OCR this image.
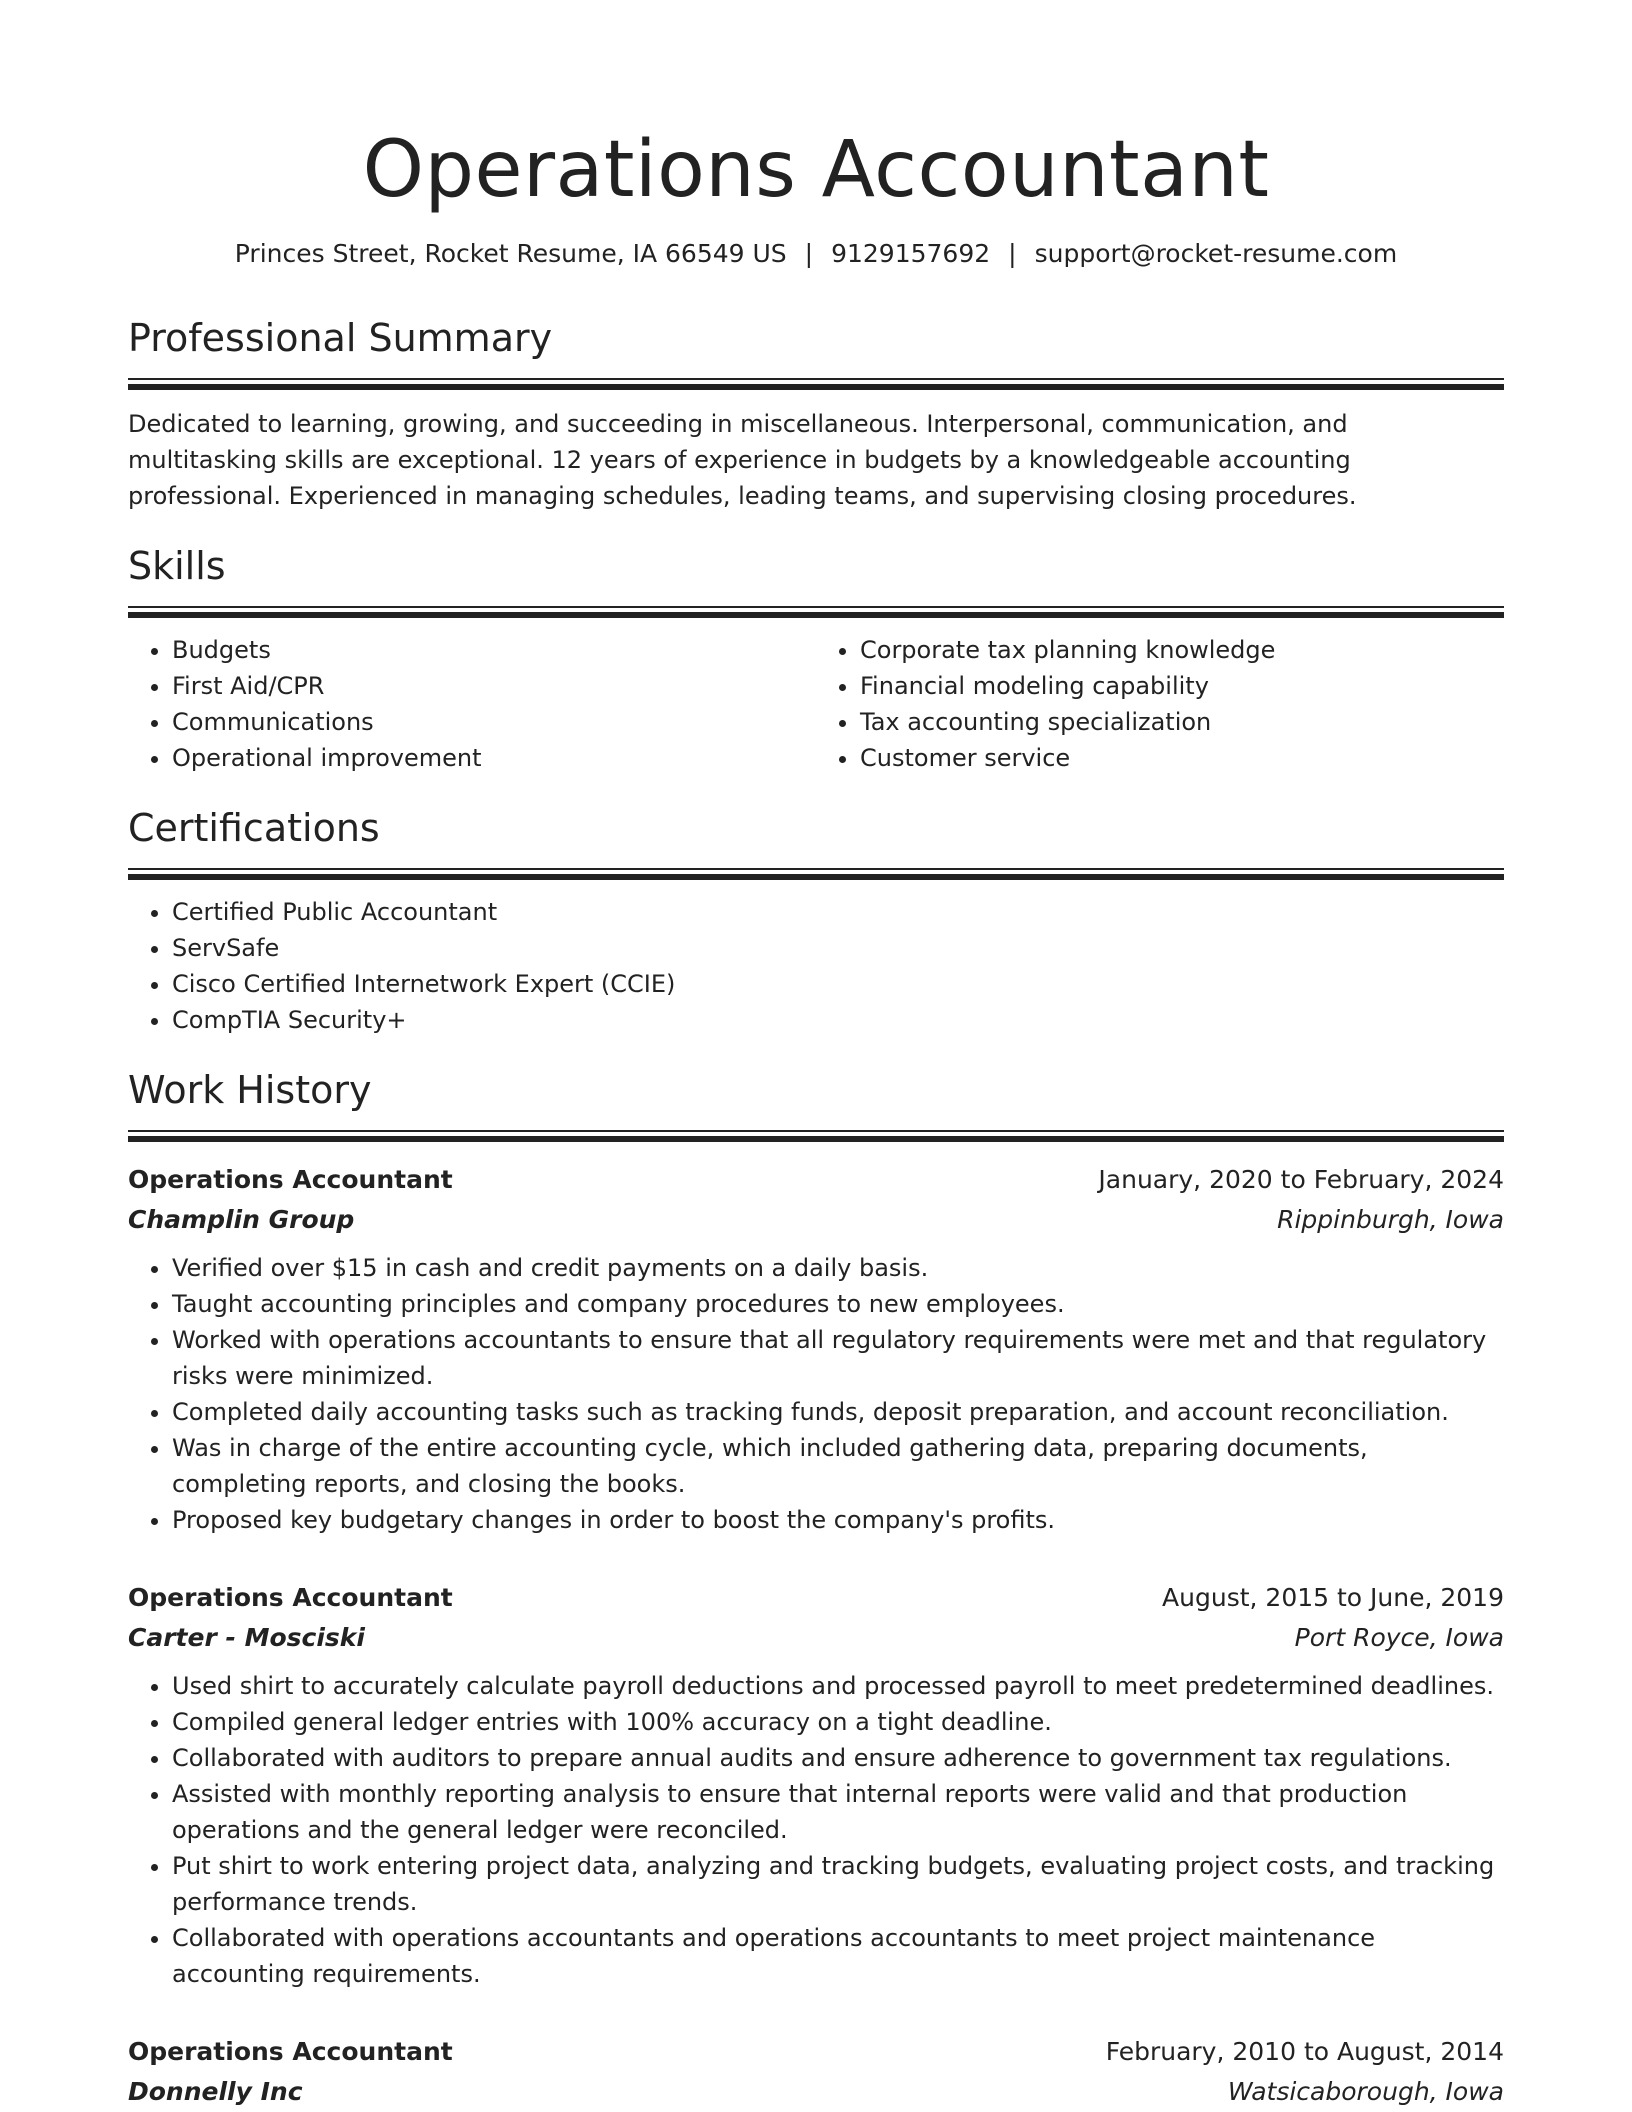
Operations Accountant
Princes Street, Rocket Resume, IA 66549 US | 9129157692 | support@rocket-resume.com
Professional Summary

Dedicated to learning, growing, and succeeding in miscellaneous. Interpersonal, communication, and multitasking skills are exceptional. 12 years of experience in budgets by a knowledgeable accounting professional. Experienced in managing schedules, leading teams, and supervising closing procedures.

Skills
• Budgets
• First Aid/CPR
• Communications
• Operational improvement
• Corporate tax planning knowledge
• Financial modeling capability
• Tax accounting specialization
• Customer service
Certifications
• Certified Public Accountant
• ServSafe
• Cisco Certified Internetwork Expert (CCIE)
• CompTIA Security+
Work History
Operations Accountant	January, 2020 to February, 2024
Champlin Group	Rippinburgh, Iowa
• Verified over $15 in cash and credit payments on a daily basis.
• Taught accounting principles and company procedures to new employees.
• Worked with operations accountants to ensure that all regulatory requirements were met and that regulatory risks were minimized.
• Completed daily accounting tasks such as tracking funds, deposit preparation, and account reconciliation.
• Was in charge of the entire accounting cycle, which included gathering data, preparing documents, completing reports, and closing the books.
• Proposed key budgetary changes in order to boost the company's profits.
Operations Accountant	August, 2015 to June, 2019
Carter - Mosciski	Port Royce, Iowa
• Used shirt to accurately calculate payroll deductions and processed payroll to meet predetermined deadlines.
• Compiled general ledger entries with 100% accuracy on a tight deadline.
• Collaborated with auditors to prepare annual audits and ensure adherence to government tax regulations.
• Assisted with monthly reporting analysis to ensure that internal reports were valid and that production operations and the general ledger were reconciled.
• Put shirt to work entering project data, analyzing and tracking budgets, evaluating project costs, and tracking performance trends.
• Collaborated with operations accountants and operations accountants to meet project maintenance accounting requirements.
Operations Accountant	February, 2010 to August, 2014
Donnelly Inc	Watsicaborough, Iowa
